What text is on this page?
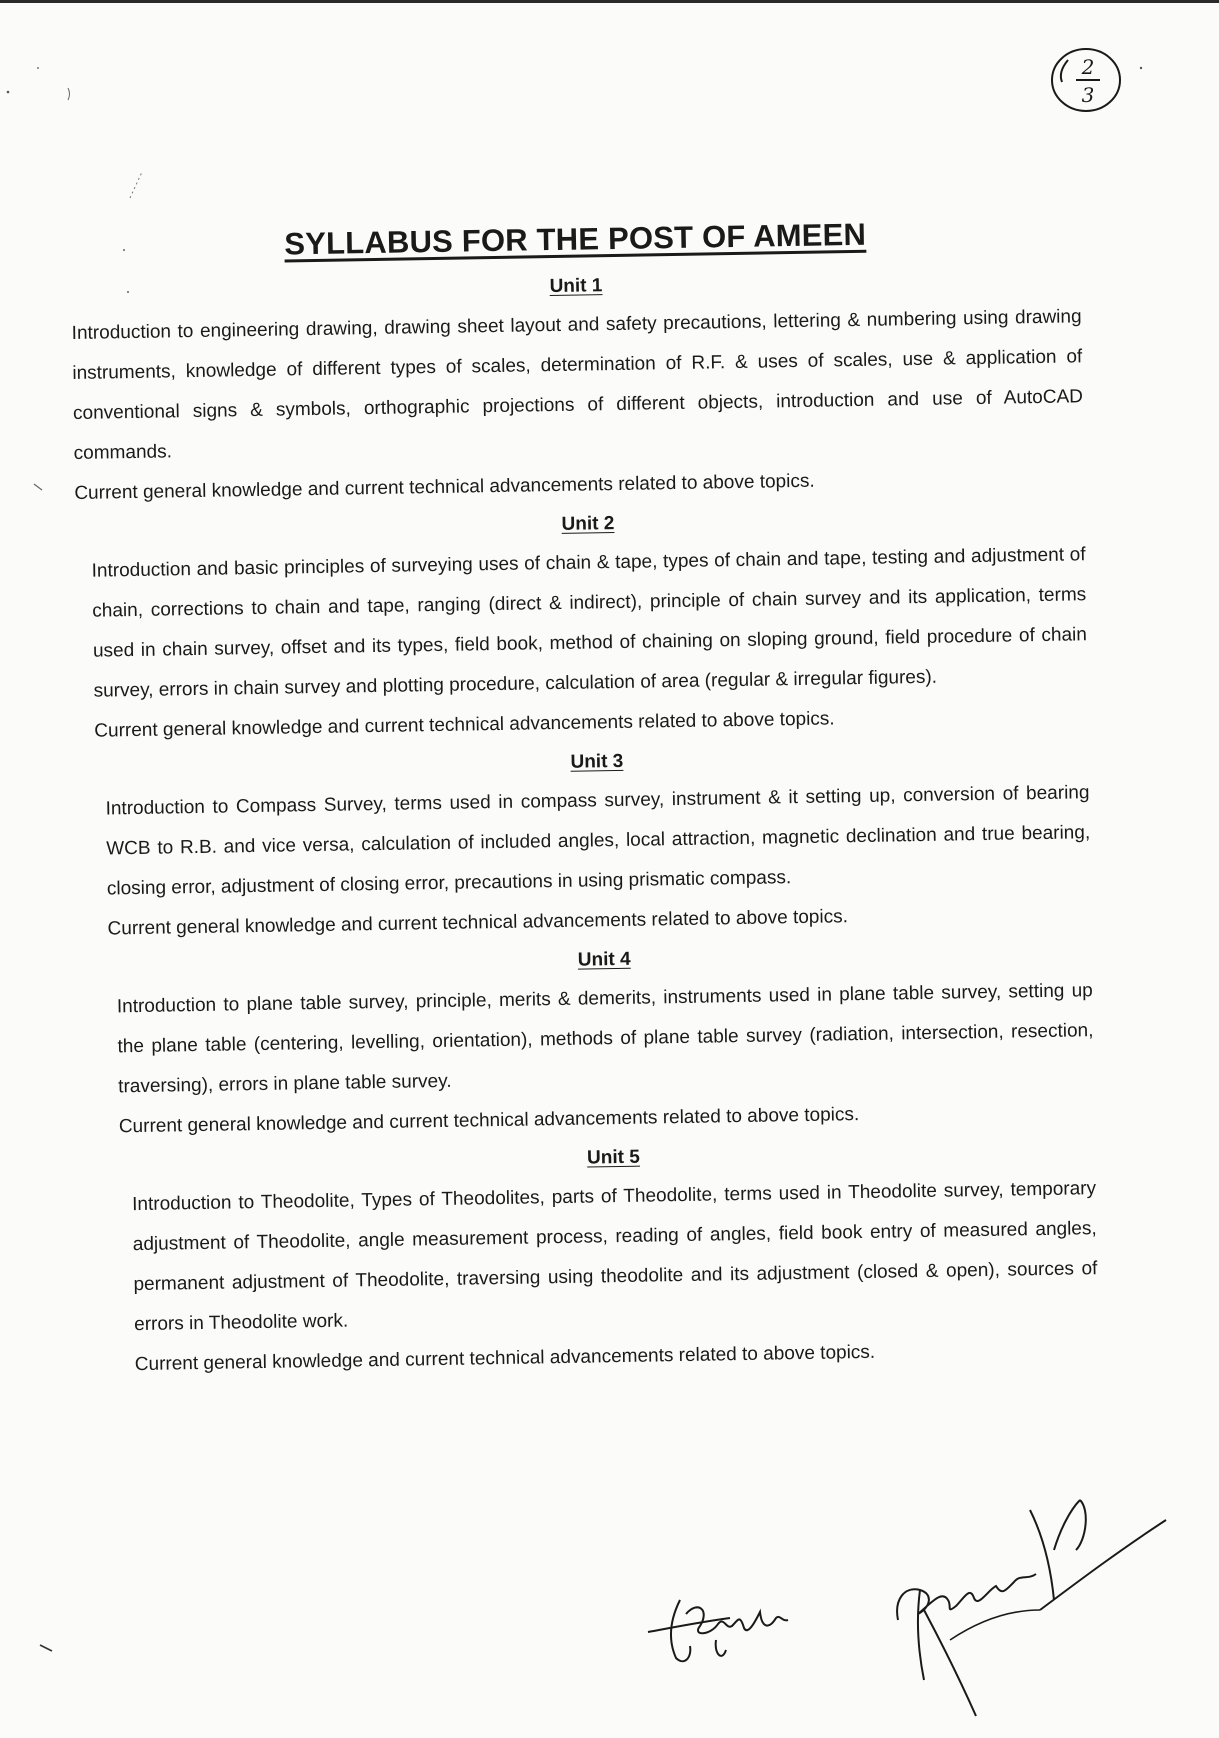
2
3
SYLLABUS FOR THE POST OF AMEEN
Unit 1

Introduction to engineering drawing, drawing sheet layout and safety precautions, lettering & numbering using drawing instruments, knowledge of different types of scales, determination of R.F. & uses of scales, use & application of conventional signs & symbols, orthographic projections of different objects, introduction and use of AutoCAD commands.

Current general knowledge and current technical advancements related to above topics.

Unit 2

Introduction and basic principles of surveying uses of chain & tape, types of chain and tape, testing and adjustment of chain, corrections to chain and tape, ranging (direct & indirect), principle of chain survey and its application, terms used in chain survey, offset and its types, field book, method of chaining on sloping ground, field procedure of chain survey, errors in chain survey and plotting procedure, calculation of area (regular & irregular figures).

Current general knowledge and current technical advancements related to above topics.

Unit 3

Introduction to Compass Survey, terms used in compass survey, instrument & it setting up, conversion of bearing WCB to R.B. and vice versa, calculation of included angles, local attraction, magnetic declination and true bearing, closing error, adjustment of closing error, precautions in using prismatic compass.

Current general knowledge and current technical advancements related to above topics.

Unit 4

Introduction to plane table survey, principle, merits & demerits, instruments used in plane table survey, setting up the plane table (centering, levelling, orientation), methods of plane table survey (radiation, intersection, resection, traversing), errors in plane table survey.

Current general knowledge and current technical advancements related to above topics.

Unit 5

Introduction to Theodolite, Types of Theodolites, parts of Theodolite, terms used in Theodolite survey, temporary adjustment of Theodolite, angle measurement process, reading of angles, field book entry of measured angles, permanent adjustment of Theodolite, traversing using theodolite and its adjustment (closed & open), sources of errors in Theodolite work.

Current general knowledge and current technical advancements related to above topics.
